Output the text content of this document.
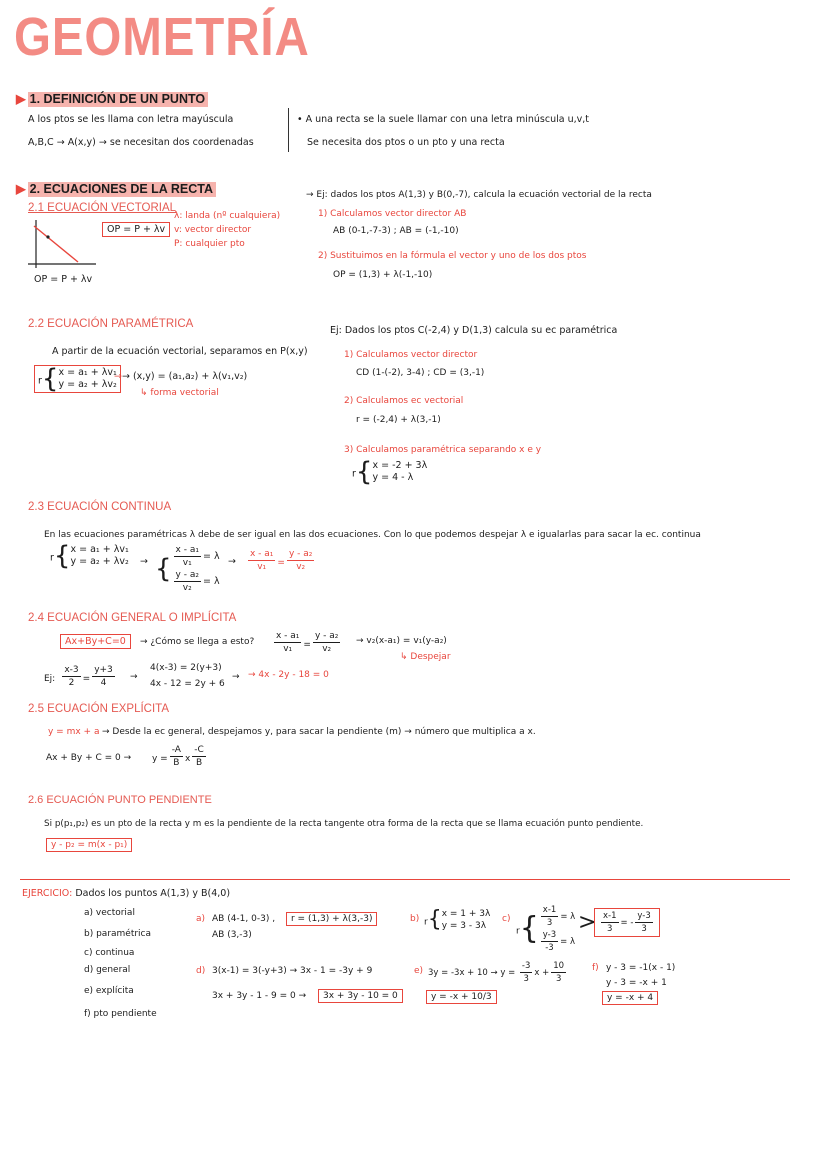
GEOMETRÍA
▶ 1. DEFINICIÓN DE UN PUNTO
A los ptos se les llama con letra mayúscula
A,B,C → A(x,y) → se necesitan dos coordenadas
• A una recta se la suele llamar con una letra minúscula u,v,t
Se necesita dos ptos o un pto y una recta
▶ 2. ECUACIONES DE LA RECTA
2.1 ECUACIÓN VECTORIAL
OP = P + λv
λ: landa (nº cualquiera)
v: vector director
P: cualquier pto
OP = P + λv
→ Ej: dados los ptos A(1,3) y B(0,-7), calcula la ecuación vectorial de la recta
1) Calculamos vector director AB
AB (0-1,-7-3) ; AB = (-1,-10)
2) Sustituimos en la fórmula el vector y uno de los dos ptos
OP = (1,3) + λ(-1,-10)
2.2 ECUACIÓN PARAMÉTRICA
A partir de la ecuación vectorial, separamos en P(x,y)
r{ x = a₁ + λv₁
y = a₂ + λv₂
→→ (x,y) = (a₁,a₂) + λ(v₁,v₂)
↳ forma vectorial
Ej: Dados los ptos C(-2,4) y D(1,3) calcula su ec paramétrica
1) Calculamos vector director
CD (1-(-2), 3-4) ; CD = (3,-1)
2) Calculamos ec vectorial
r = (-2,4) + λ(3,-1)
3) Calculamos paramétrica separando x e y
r{ x = -2 + 3λ
y = 4 - λ
2.3 ECUACIÓN CONTINUA
En las ecuaciones paramétricas λ debe de ser igual en las dos ecuaciones. Con lo que podemos despejar λ e igualarlas para sacar la ec. continua
r{ x = a₁ + λv₁
y = a₂ + λv₂ → { $\frac{\text{x - a₁}}{\text{v₁}} = \lambda$
$\frac{\text{y - a₂}}{\text{v₂}} = \lambda$
→ $\frac{\text{x - a₁}}{\text{v₁}} = \frac{\text{y - a₂}}{\text{v₂}}$
2.4 ECUACIÓN GENERAL O IMPLÍCITA
Ax+By+C=0	→ ¿Cómo se llega a esto? $\frac{\text{x - a₁}}{\text{v₁}} = \frac{\text{y - a₂}}{\text{v₂}} \to v_2(x-a_1) = v_1(y-a_2)$
↳ Despejar
Ej: $\frac{x-3}{2} = \frac{y+3}{4}$ →
4(x-3) = 2(y+3)
4x - 12 = 2y + 6
→ → 4x - 2y - 18 = 0
2.5 ECUACIÓN EXPLÍCITA
y = mx + a → Desde la ec general, despejamos y, para sacar la pendiente (m) → número que multiplica a x.
$Ax + By + C = 0 \to y = \frac{-A}{B}$ x $\frac{-C}{B}$
2.6 ECUACIÓN PUNTO PENDIENTE
Si p(p₁,p₂) es un pto de la recta y m es la pendiente de la recta tangente otra forma de la recta que se llama ecuación punto pendiente.
y - p₂ = m(x - p₁)
EJERCICIO: Dados los puntos A(1,3) y B(4,0)
a) vectorial
b) paramétrica
c) continua
d) general
e) explícita
f) pto pendiente
a) AB (4-1, 0-3) ,
AB (3,-3)
r = (1,3) + λ(3,-3)	b) r{ x = 1 + 3λ
y = 3 - 3λ
c)
$r\{ \frac{x-1}{3} = \lambda$
$\frac{y-3}{-3} = \lambda$
> $\frac{x-1}{3}$ = - $\frac{y-3}{3}$
d) 3(x-1) = 3(-y+3) → 3x - 1 = -3y + 9
3x + 3y - 1 - 9 = 0 →	3x + 3y - 10 = 0
e) $3y = -3x + 10 \to y = \frac{-3}{3}$ $x + \frac{10}{3}$
y = -x + 10/3
f) y - 3 = -1(x - 1)
y - 3 = -x + 1
y = -x + 4
